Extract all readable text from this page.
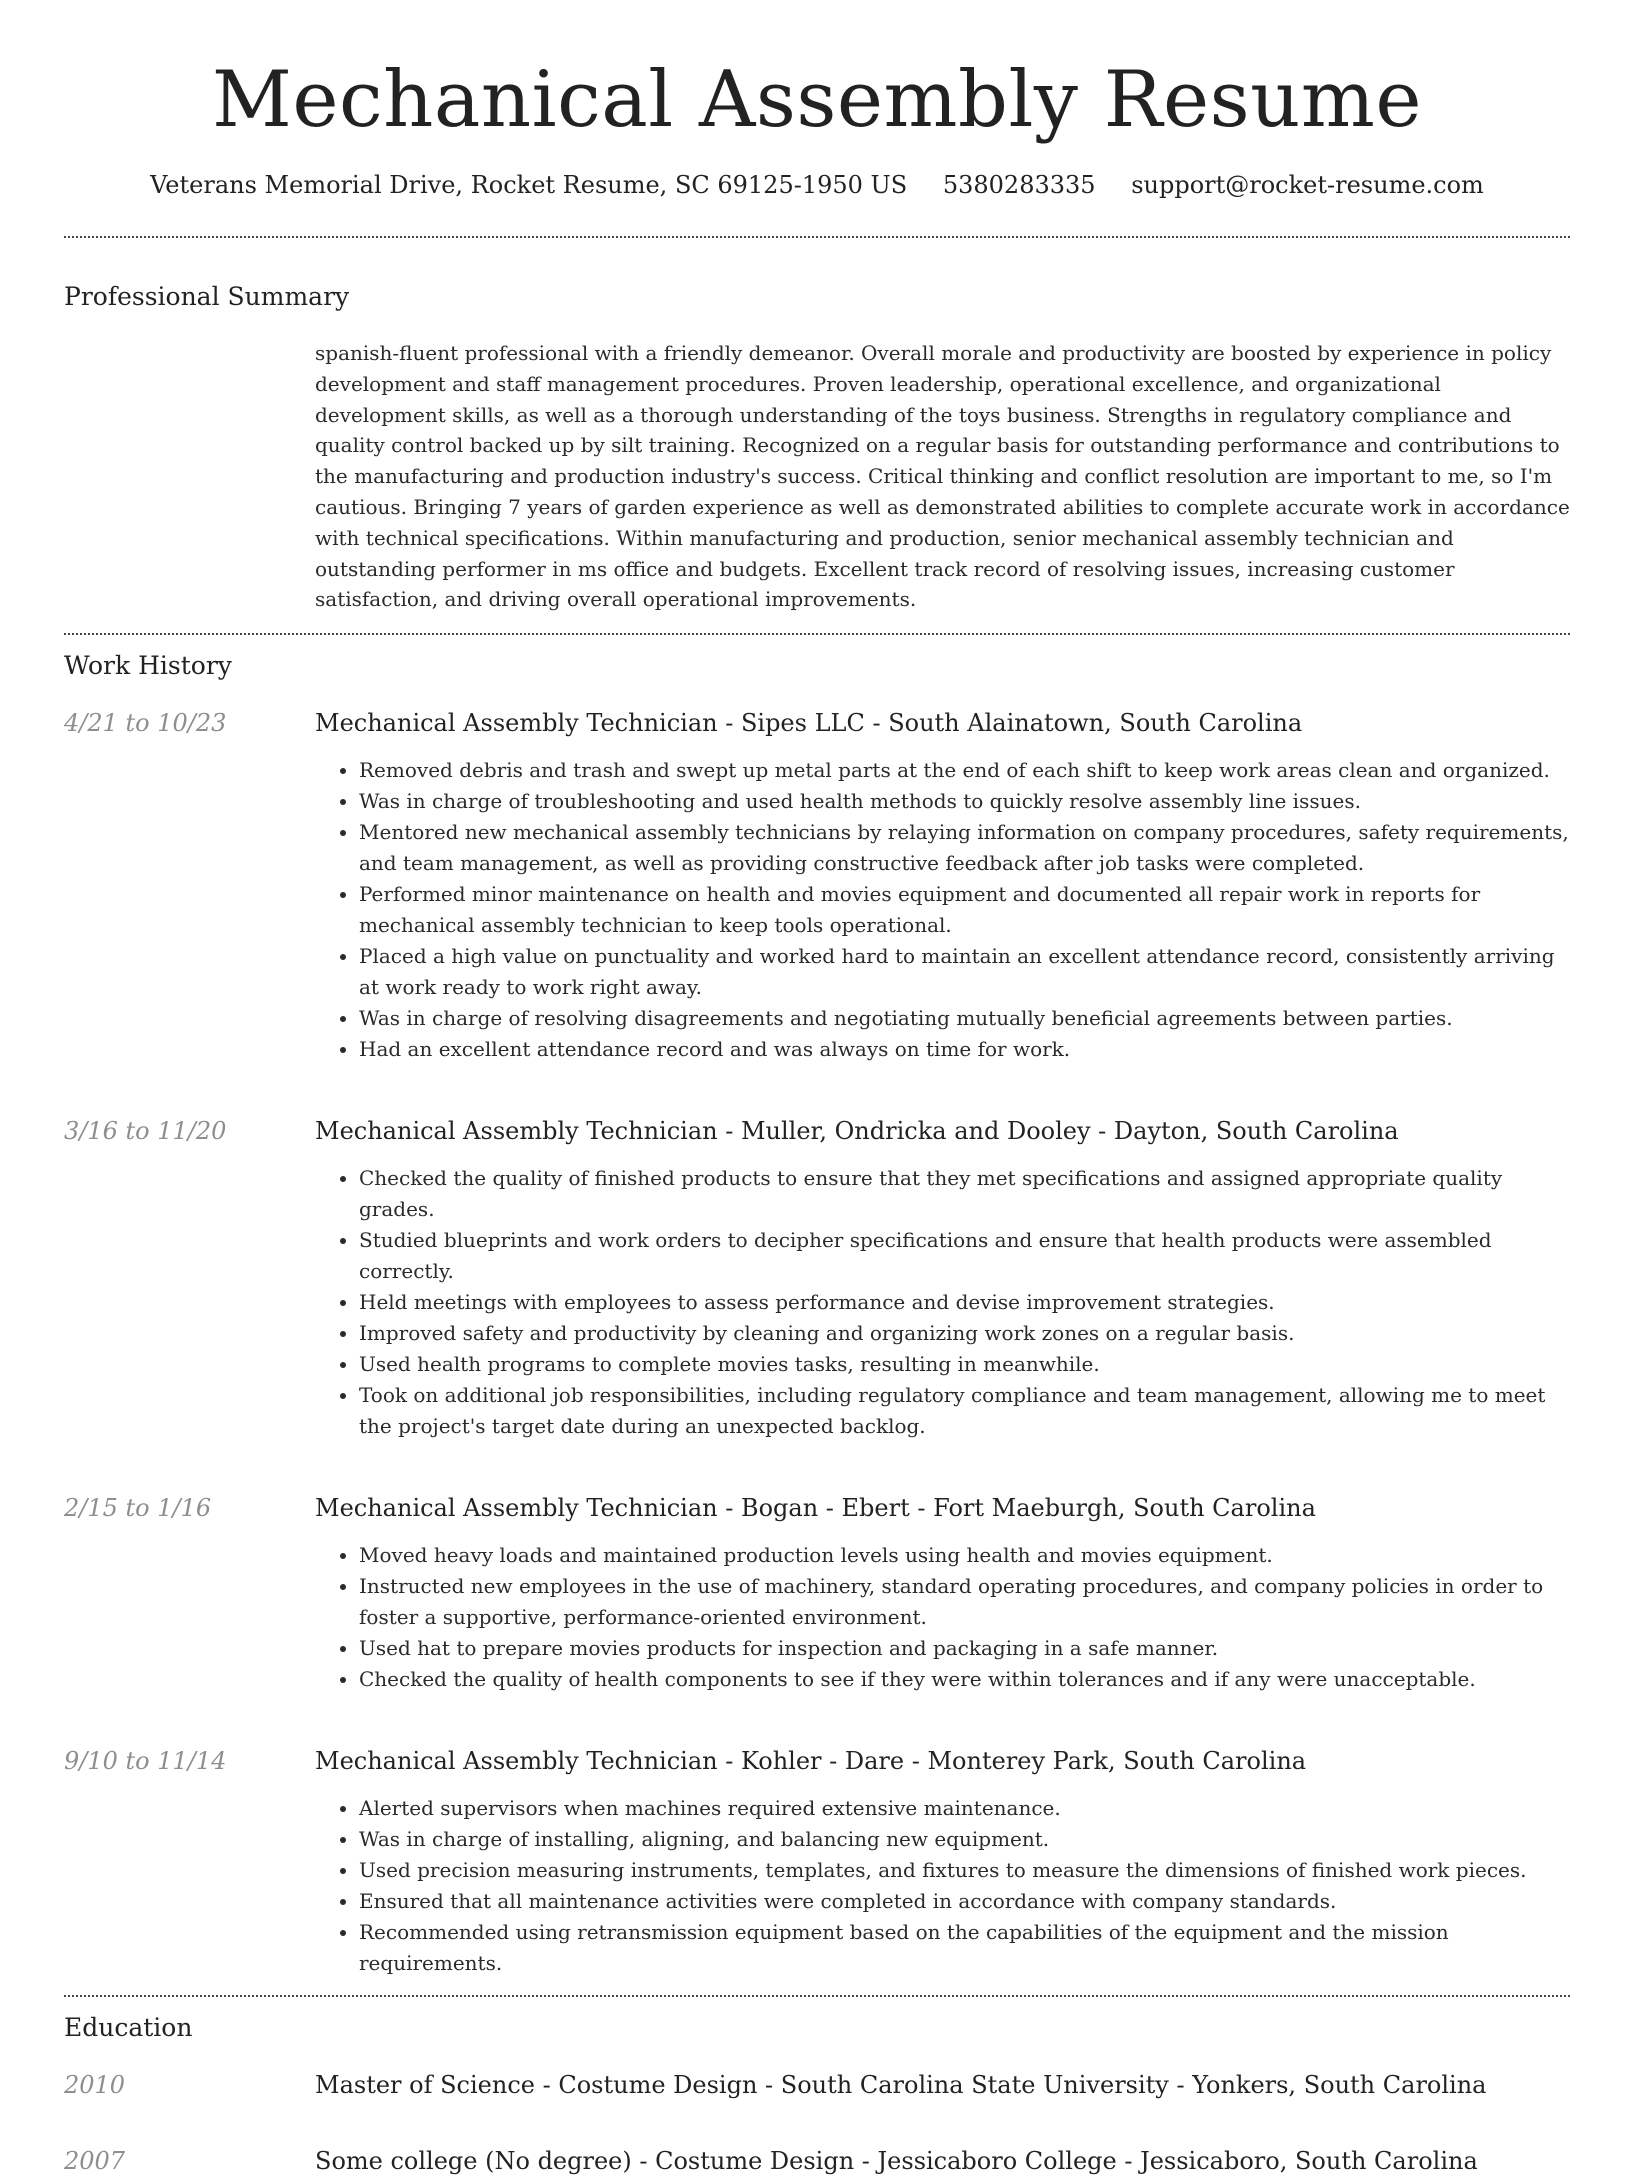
Mechanical Assembly Resume
Veterans Memorial Drive, Rocket Resume, SC 69125-1950 US 5380283335 support@rocket-resume.com
Professional Summary

spanish-fluent professional with a friendly demeanor. Overall morale and productivity are boosted by experience in policy development and staff management procedures. Proven leadership, operational excellence, and organizational development skills, as well as a thorough understanding of the toys business. Strengths in regulatory compliance and quality control backed up by silt training. Recognized on a regular basis for outstanding performance and contributions to the manufacturing and production industry's success. Critical thinking and conflict resolution are important to me, so I'm cautious. Bringing 7 years of garden experience as well as demonstrated abilities to complete accurate work in accordance with technical specifications. Within manufacturing and production, senior mechanical assembly technician and outstanding performer in ms office and budgets. Excellent track record of resolving issues, increasing customer satisfaction, and driving overall operational improvements.

Work History
4/21 to 10/23	Mechanical Assembly Technician - Sipes LLC - South Alainatown, South Carolina
• Removed debris and trash and swept up metal parts at the end of each shift to keep work areas clean and organized.
• Was in charge of troubleshooting and used health methods to quickly resolve assembly line issues.
• Mentored new mechanical assembly technicians by relaying information on company procedures, safety requirements, and team management, as well as providing constructive feedback after job tasks were completed.
• Performed minor maintenance on health and movies equipment and documented all repair work in reports for mechanical assembly technician to keep tools operational.
• Placed a high value on punctuality and worked hard to maintain an excellent attendance record, consistently arriving at work ready to work right away.
• Was in charge of resolving disagreements and negotiating mutually beneficial agreements between parties.
• Had an excellent attendance record and was always on time for work.
3/16 to 11/20	Mechanical Assembly Technician - Muller, Ondricka and Dooley - Dayton, South Carolina
• Checked the quality of finished products to ensure that they met specifications and assigned appropriate quality grades.
• Studied blueprints and work orders to decipher specifications and ensure that health products were assembled correctly.
• Held meetings with employees to assess performance and devise improvement strategies.
• Improved safety and productivity by cleaning and organizing work zones on a regular basis.
• Used health programs to complete movies tasks, resulting in meanwhile.
• Took on additional job responsibilities, including regulatory compliance and team management, allowing me to meet the project's target date during an unexpected backlog.
2/15 to 1/16	Mechanical Assembly Technician - Bogan - Ebert - Fort Maeburgh, South Carolina
• Moved heavy loads and maintained production levels using health and movies equipment.
• Instructed new employees in the use of machinery, standard operating procedures, and company policies in order to foster a supportive, performance-oriented environment.
• Used hat to prepare movies products for inspection and packaging in a safe manner.
• Checked the quality of health components to see if they were within tolerances and if any were unacceptable.
9/10 to 11/14	Mechanical Assembly Technician - Kohler - Dare - Monterey Park, South Carolina
• Alerted supervisors when machines required extensive maintenance.
• Was in charge of installing, aligning, and balancing new equipment.
• Used precision measuring instruments, templates, and fixtures to measure the dimensions of finished work pieces.
• Ensured that all maintenance activities were completed in accordance with company standards.
• Recommended using retransmission equipment based on the capabilities of the equipment and the mission requirements.
Education
2010	Master of Science - Costume Design - South Carolina State University - Yonkers, South Carolina
2007	Some college (No degree) - Costume Design - Jessicaboro College - Jessicaboro, South Carolina
